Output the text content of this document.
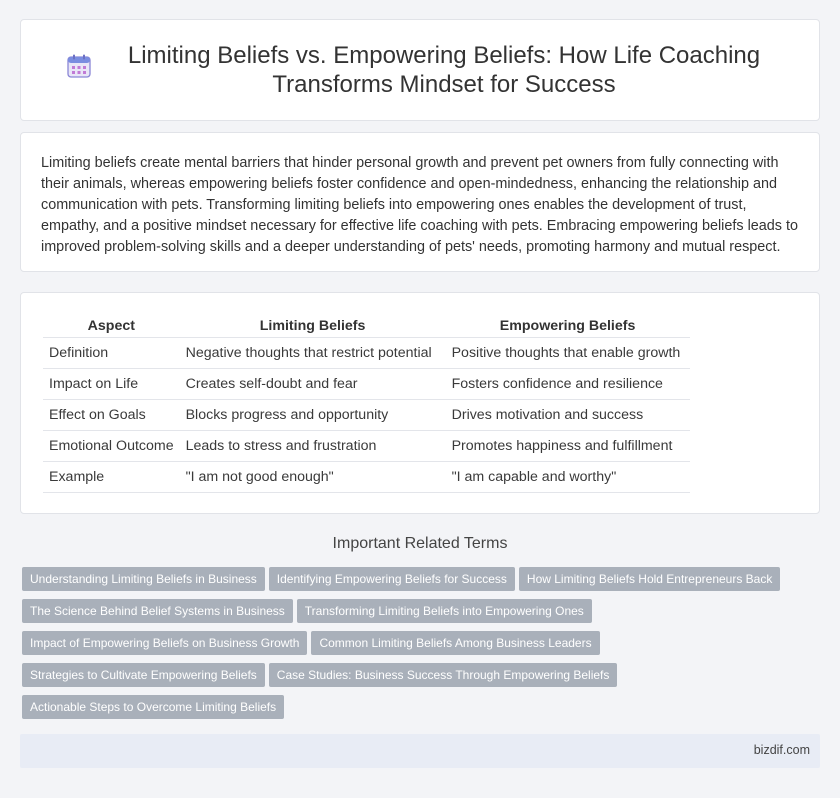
Limiting Beliefs vs. Empowering Beliefs: How Life Coaching Transforms Mindset for Success

Limiting beliefs create mental barriers that hinder personal growth and prevent pet owners from fully connecting with their animals, whereas empowering beliefs foster confidence and open-mindedness, enhancing the relationship and communication with pets. Transforming limiting beliefs into empowering ones enables the development of trust, empathy, and a positive mindset necessary for effective life coaching with pets. Embracing empowering beliefs leads to improved problem-solving skills and a deeper understanding of pets' needs, promoting harmony and mutual respect.

Aspect	Limiting Beliefs	Empowering Beliefs
Definition	Negative thoughts that restrict potential	Positive thoughts that enable growth
Impact on Life	Creates self-doubt and fear	Fosters confidence and resilience
Effect on Goals	Blocks progress and opportunity	Drives motivation and success
Emotional Outcome	Leads to stress and frustration	Promotes happiness and fulfillment
Example	"I am not good enough"	"I am capable and worthy"
Important Related Terms
Understanding Limiting Beliefs in Business Identifying Empowering Beliefs for Success How Limiting Beliefs Hold Entrepreneurs Back
The Science Behind Belief Systems in Business Transforming Limiting Beliefs into Empowering Ones
Impact of Empowering Beliefs on Business Growth Common Limiting Beliefs Among Business Leaders
Strategies to Cultivate Empowering Beliefs Case Studies: Business Success Through Empowering Beliefs
Actionable Steps to Overcome Limiting Beliefs
bizdif.com
